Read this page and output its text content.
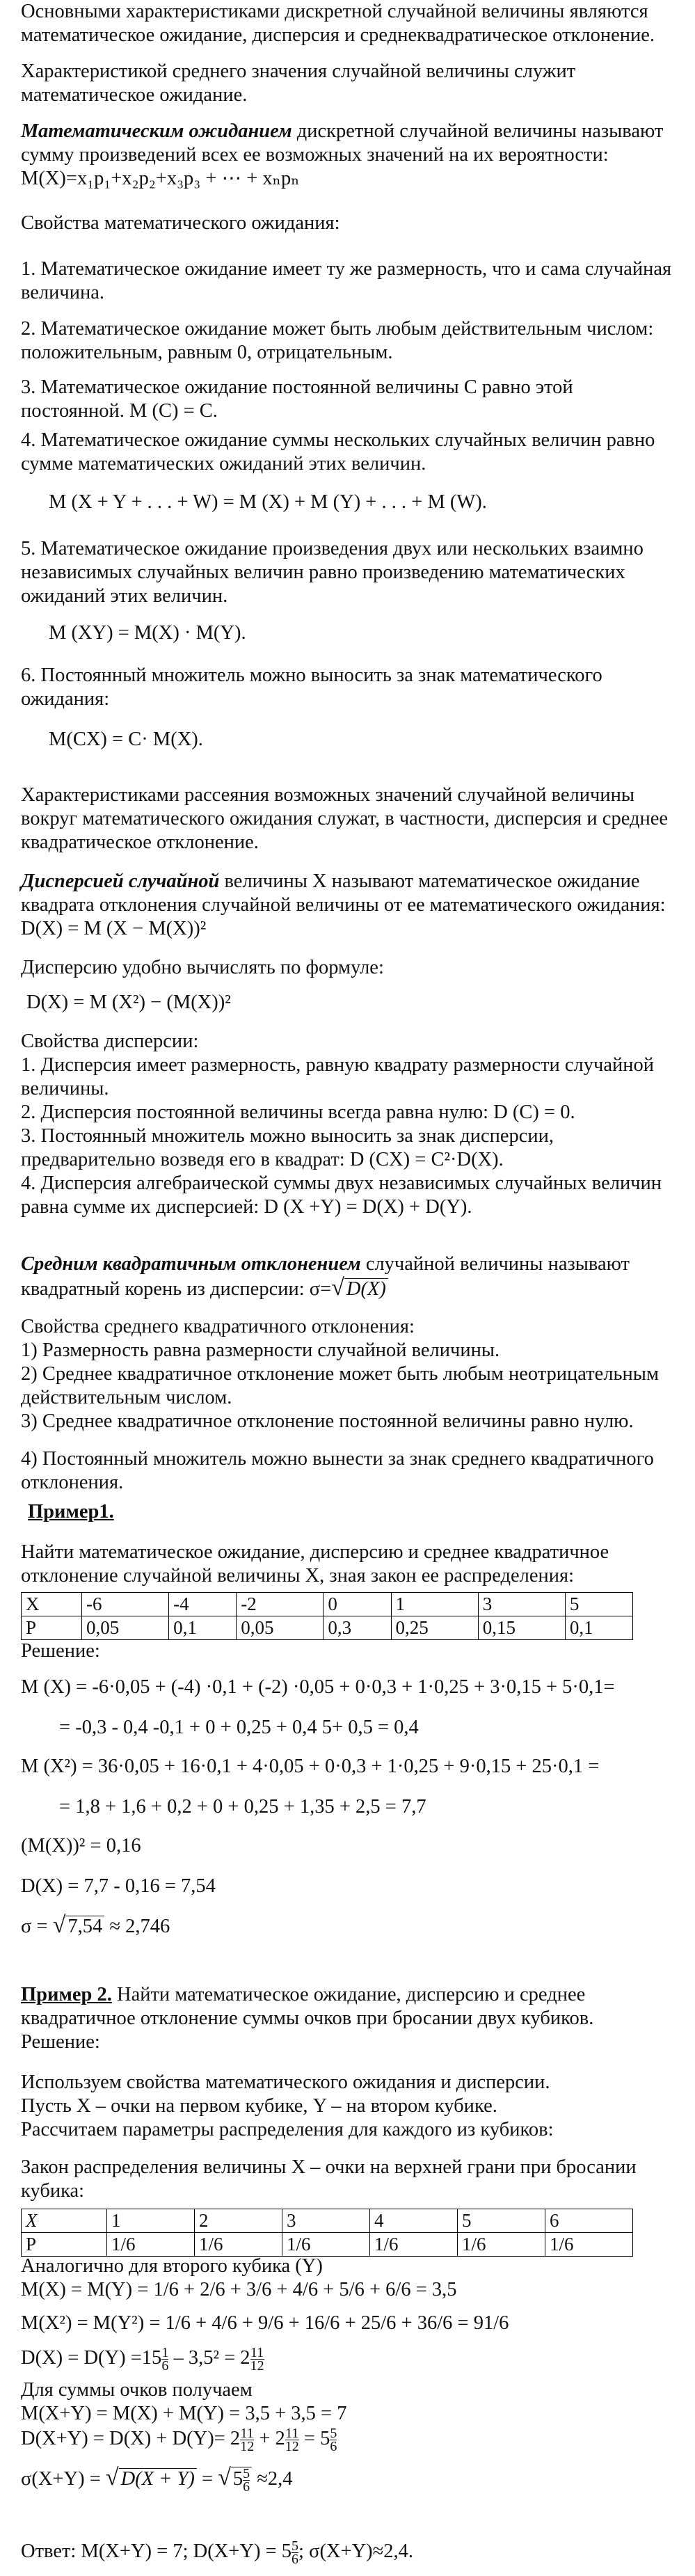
Основными характеристиками дискретной случайной величины являются математическое ожидание, дисперсия и среднеквадратическое отклонение.

Характеристикой среднего значения случайной величины служит математическое ожидание.

Математическим ожиданием дискретной случайной величины называют сумму произведений всех ее возможных значений на их вероятности:

M(X)=x₁p₁+x₂p₂+x₃p₃ + ⋯ + xₙpₙ

Свойства математического ожидания:

1. Математическое ожидание имеет ту же размерность, что и сама случайная величина.

2. Математическое ожидание может быть любым действительным числом: положительным, равным 0, отрицательным.

3. Математическое ожидание постоянной величины С равно этой постоянной. М (С) = С.

4. Математическое ожидание суммы нескольких случайных величин равно сумме математических ожиданий этих величин.

М (X + Y + . . . + W) = М (X) + М (Y) + . . . + М (W).

5. Математическое ожидание произведения двух или нескольких взаимно независимых случайных величин равно произведению математических ожиданий этих величин.

М (XY) = M(X) · M(Y).

6. Постоянный множитель можно выносить за знак математического ожидания:

M(CX) = C· M(X).

Характеристиками рассеяния возможных значений случайной величины вокруг математического ожидания служат, в частности, дисперсия и среднее квадратическое отклонение.

Дисперсией случайной величины X называют математическое ожидание квадрата отклонения случайной величины от ее математического ожидания:

D(X) = M (X − M(X))²

Дисперсию удобно вычислять по формуле:

D(X) = M (X²) − (M(X))²

Свойства дисперсии:

1. Дисперсия имеет размерность, равную квадрату размерности случайной величины.

2. Дисперсия постоянной величины всегда равна нулю: D (С) = 0.

3. Постоянный множитель можно выносить за знак дисперсии, предварительно возведя его в квадрат: D (СX) = С²·D(X).

4. Дисперсия алгебраической суммы двух независимых случайных величин равна сумме их дисперсией: D (X +Y) = D(X) + D(Y).

Средним квадратичным отклонением случайной величины называют квадратный корень из дисперсии: σ=√ D(X)

Свойства среднего квадратичного отклонения:

1) Размерность равна размерности случайной величины.

2) Среднее квадратичное отклонение может быть любым неотрицательным действительным числом.

3) Среднее квадратичное отклонение постоянной величины равно нулю.

4) Постоянный множитель можно вынести за знак среднего квадратичного отклонения.

Пример1.

Найти математическое ожидание, дисперсию и среднее квадратичное отклонение случайной величины X, зная закон ее распределения:

X	-6	-4	-2	0	1	3	5
P	0,05	0,1	0,05	0,3	0,25	0,15	0,1

Решение:

M (X) = -6·0,05 + (-4) ·0,1 + (-2) ·0,05 + 0·0,3 + 1·0,25 + 3·0,15 + 5·0,1=

= -0,3 - 0,4 -0,1 + 0 + 0,25 + 0,4 5+ 0,5 = 0,4

M (X²) = 36·0,05 + 16·0,1 + 4·0,05 + 0·0,3 + 1·0,25 + 9·0,15 + 25·0,1 =

= 1,8 + 1,6 + 0,2 + 0 + 0,25 + 1,35 + 2,5 = 7,7

(M(X))² = 0,16

D(X) = 7,7 - 0,16 = 7,54

σ = √ 7,54 ≈ 2,746

Пример 2. Найти математическое ожидание, дисперсию и среднее квадратичное отклонение суммы очков при бросании двух кубиков.

Решение:

Используем свойства математического ожидания и дисперсии.

Пусть X – очки на первом кубике, Y – на втором кубике.

Рассчитаем параметры распределения для каждого из кубиков:

Закон распределения величины X – очки на верхней грани при бросании кубика:

X	1	2	3	4	5	6
P	1/6	1/6	1/6	1/6	1/6	1/6

Аналогично для второго кубика (Y)

M(X) = M(Y) = 1/6 + 2/6 + 3/6 + 4/6 + 5/6 + 6/6 = 3,5

M(X²) = M(Y²) = 1/6 + 4/6 + 9/6 + 16/6 + 25/6 + 36/6 = 91/6

$D(X) = D(Y) =15 \frac{1}{6} - 3,5^2 = 2 \frac{11}{12}$

Для суммы очков получаем

M(X+Y) = M(X) + M(Y) = 3,5 + 3,5 = 7

$D(X+Y) = D(X) + D(Y)= 2 \frac{11}{12} + 2 \frac{11}{12} = 5 \frac{5}{6}$

σ(X+Y) = √ D(X + Y) = √ $5 \frac{5}{6} \approx 2,4$

Ответ: M(X+Y) = 7; $D(X+Y) = 5 \frac{5}{6}$ ; σ(X+Y)≈2,4.
